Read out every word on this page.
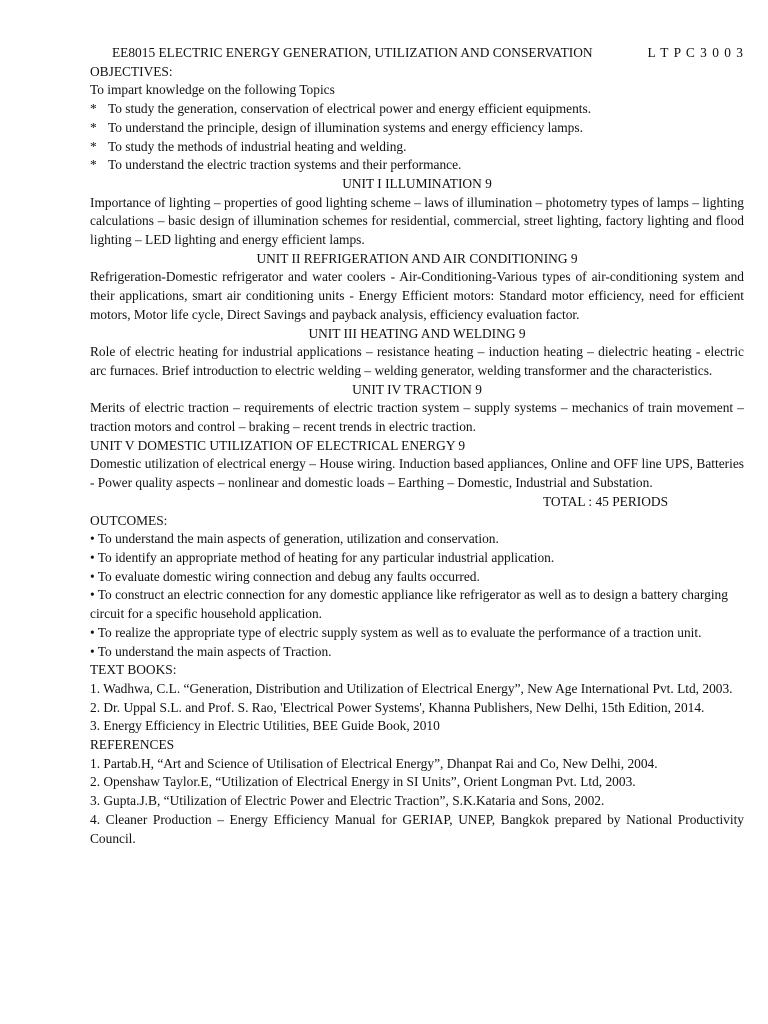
EE8015 ELECTRIC ENERGY GENERATION, UTILIZATION AND CONSERVATION	L T P C 3 0 0 3
OBJECTIVES:
To impart knowledge on the following Topics
* To study the generation, conservation of electrical power and energy efficient equipments.
* To understand the principle, design of illumination systems and energy efficiency lamps.
* To study the methods of industrial heating and welding.
* To understand the electric traction systems and their performance.
UNIT I ILLUMINATION 9
Importance of lighting – properties of good lighting scheme – laws of illumination – photometry types of lamps – lighting calculations – basic design of illumination schemes for residential, commercial, street lighting, factory lighting and flood lighting – LED lighting and energy efficient lamps.
UNIT II REFRIGERATION AND AIR CONDITIONING 9
Refrigeration-Domestic refrigerator and water coolers - Air-Conditioning-Various types of air-conditioning system and their applications, smart air conditioning units - Energy Efficient motors: Standard motor efficiency, need for efficient motors, Motor life cycle, Direct Savings and payback analysis, efficiency evaluation factor.
UNIT III HEATING AND WELDING 9
Role of electric heating for industrial applications – resistance heating – induction heating – dielectric heating - electric arc furnaces. Brief introduction to electric welding – welding generator, welding transformer and the characteristics.
UNIT IV TRACTION 9
Merits of electric traction – requirements of electric traction system – supply systems – mechanics of train movement – traction motors and control – braking – recent trends in electric traction.
UNIT V DOMESTIC UTILIZATION OF ELECTRICAL ENERGY 9
Domestic utilization of electrical energy – House wiring. Induction based appliances, Online and OFF line UPS, Batteries - Power quality aspects – nonlinear and domestic loads – Earthing – Domestic, Industrial and Substation.
TOTAL : 45 PERIODS
OUTCOMES:
• To understand the main aspects of generation, utilization and conservation.
• To identify an appropriate method of heating for any particular industrial application.
• To evaluate domestic wiring connection and debug any faults occurred.
• To construct an electric connection for any domestic appliance like refrigerator as well as to design a battery charging circuit for a specific household application.
• To realize the appropriate type of electric supply system as well as to evaluate the performance of a traction unit.
• To understand the main aspects of Traction.
TEXT BOOKS:
1. Wadhwa, C.L. “Generation, Distribution and Utilization of Electrical Energy”, New Age International Pvt. Ltd, 2003.
2. Dr. Uppal S.L. and Prof. S. Rao, 'Electrical Power Systems', Khanna Publishers, New Delhi, 15th Edition, 2014.
3. Energy Efficiency in Electric Utilities, BEE Guide Book, 2010
REFERENCES
1. Partab.H, “Art and Science of Utilisation of Electrical Energy”, Dhanpat Rai and Co, New Delhi, 2004.
2. Openshaw Taylor.E, “Utilization of Electrical Energy in SI Units”, Orient Longman Pvt. Ltd, 2003.
3. Gupta.J.B, “Utilization of Electric Power and Electric Traction”, S.K.Kataria and Sons, 2002.
4. Cleaner Production – Energy Efficiency Manual for GERIAP, UNEP, Bangkok prepared by National Productivity Council.
